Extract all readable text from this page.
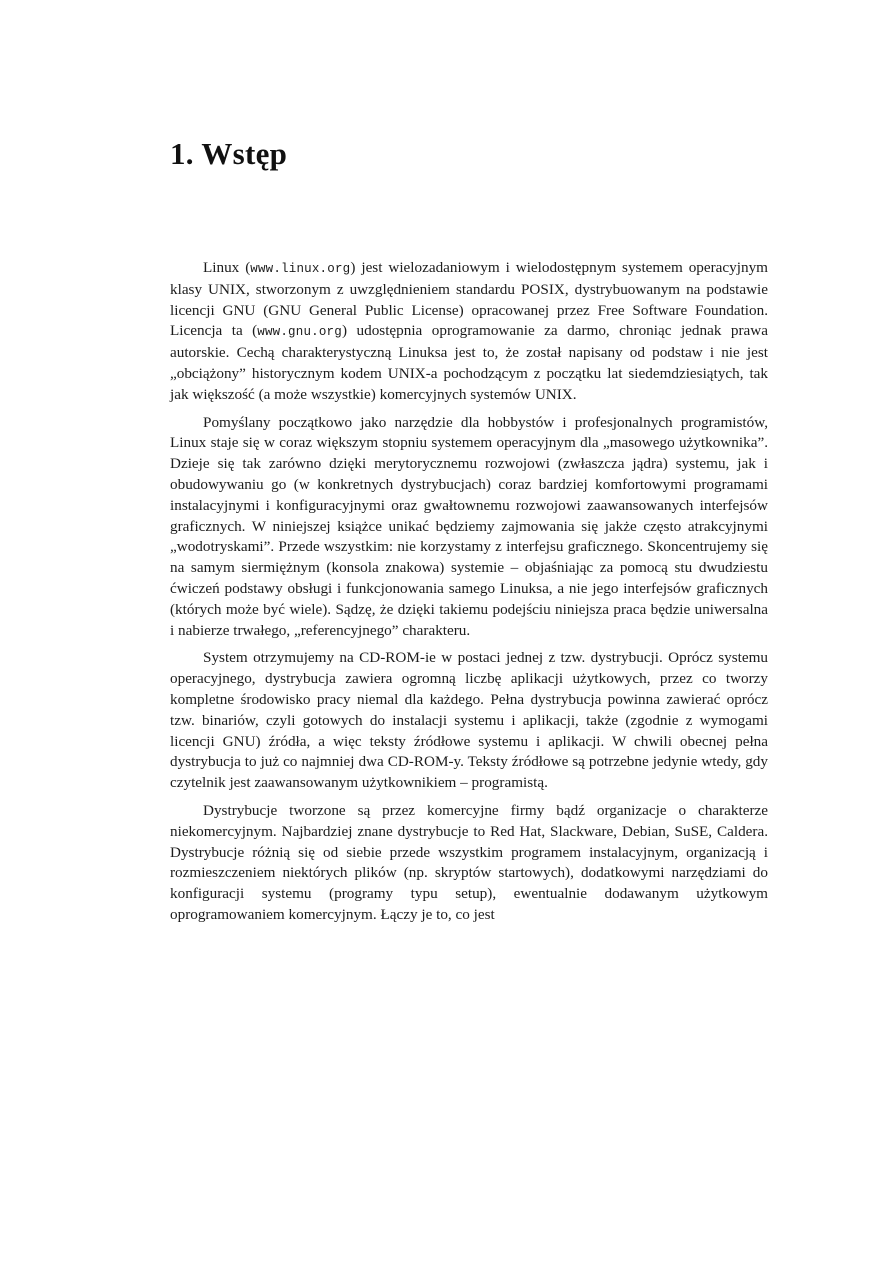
1. Wstęp

Linux (www.linux.org) jest wielozadaniowym i wielodostępnym systemem operacyjnym klasy UNIX, stworzonym z uwzględnieniem standardu POSIX, dystrybuowanym na podstawie licencji GNU (GNU General Public License) opracowanej przez Free Software Foundation. Licencja ta (www.gnu.org) udostępnia oprogramowanie za darmo, chroniąc jednak prawa autorskie. Cechą charakterystyczną Linuksa jest to, że został napisany od podstaw i nie jest „obciążony” historycznym kodem UNIX-a pochodzącym z początku lat siedemdziesiątych, tak jak większość (a może wszystkie) komercyjnych systemów UNIX.

Pomyślany początkowo jako narzędzie dla hobbystów i profesjonalnych programistów, Linux staje się w coraz większym stopniu systemem operacyjnym dla „masowego użytkownika”. Dzieje się tak zarówno dzięki merytorycznemu rozwojowi (zwłaszcza jądra) systemu, jak i obudowywaniu go (w konkretnych dystrybucjach) coraz bardziej komfortowymi programami instalacyjnymi i konfiguracyjnymi oraz gwałtownemu rozwojowi zaawansowanych interfejsów graficznych. W niniejszej książce unikać będziemy zajmowania się jakże często atrakcyjnymi „wodotryskami”. Przede wszystkim: nie korzystamy z interfejsu graficznego. Skoncentrujemy się na samym siermiężnym (konsola znakowa) systemie – objaśniając za pomocą stu dwudziestu ćwiczeń podstawy obsługi i funkcjonowania samego Linuksa, a nie jego interfejsów graficznych (których może być wiele). Sądzę, że dzięki takiemu podejściu niniejsza praca będzie uniwersalna i nabierze trwałego, „referencyjnego” charakteru.

System otrzymujemy na CD-ROM-ie w postaci jednej z tzw. dystrybucji. Oprócz systemu operacyjnego, dystrybucja zawiera ogromną liczbę aplikacji użytkowych, przez co tworzy kompletne środowisko pracy niemal dla każdego. Pełna dystrybucja powinna zawierać oprócz tzw. binariów, czyli gotowych do instalacji systemu i aplikacji, także (zgodnie z wymogami licencji GNU) źródła, a więc teksty źródłowe systemu i aplikacji. W chwili obecnej pełna dystrybucja to już co najmniej dwa CD-ROM-y. Teksty źródłowe są potrzebne jedynie wtedy, gdy czytelnik jest zaawansowanym użytkownikiem – programistą.

Dystrybucje tworzone są przez komercyjne firmy bądź organizacje o charakterze niekomercyjnym. Najbardziej znane dystrybucje to Red Hat, Slackware, Debian, SuSE, Caldera. Dystrybucje różnią się od siebie przede wszystkim programem instalacyjnym, organizacją i rozmieszczeniem niektórych plików (np. skryptów startowych), dodatkowymi narzędziami do konfiguracji systemu (programy typu setup), ewentualnie dodawanym użytkowym oprogramowaniem komercyjnym. Łączy je to, co jest
